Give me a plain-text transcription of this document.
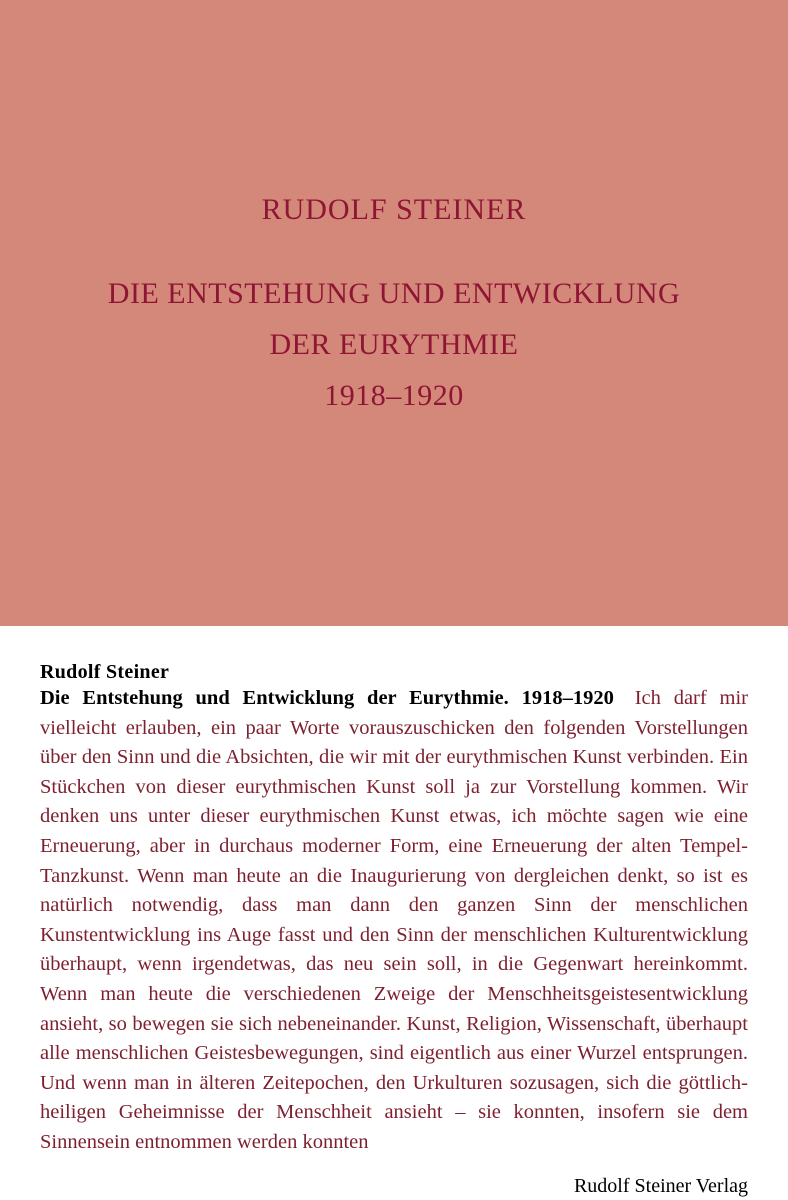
RUDOLF STEINER
DIE ENTSTEHUNG UND ENTWICKLUNG
DER EURYTHMIE
1918–1920
Rudolf Steiner
Die Entstehung und Entwicklung der Eurythmie. 1918–1920 Ich darf mir vielleicht erlauben, ein paar Worte vorauszuschicken den folgenden Vorstellungen über den Sinn und die Absichten, die wir mit der eurythmischen Kunst verbinden. Ein Stückchen von dieser eurythmischen Kunst soll ja zur Vorstellung kommen. Wir denken uns unter dieser eurythmischen Kunst etwas, ich möchte sagen wie eine Erneuerung, aber in durchaus moderner Form, eine Erneuerung der alten Tempel-Tanzkunst. Wenn man heute an die Inaugurierung von dergleichen denkt, so ist es natürlich notwendig, dass man dann den ganzen Sinn der menschlichen Kunstentwicklung ins Auge fasst und den Sinn der menschlichen Kulturentwicklung überhaupt, wenn irgendetwas, das neu sein soll, in die Gegenwart hereinkommt. Wenn man heute die verschiedenen Zweige der Menschheitsgeistesentwicklung ansieht, so bewegen sie sich nebeneinander. Kunst, Religion, Wissenschaft, überhaupt alle menschlichen Geistesbewegungen, sind eigentlich aus einer Wurzel entsprungen. Und wenn man in älteren Zeitepochen, den Urkulturen sozusagen, sich die göttlich-heiligen Geheimnisse der Menschheit ansieht – sie konnten, insofern sie dem Sinnensein entnommen werden konnten
Rudolf Steiner Verlag
